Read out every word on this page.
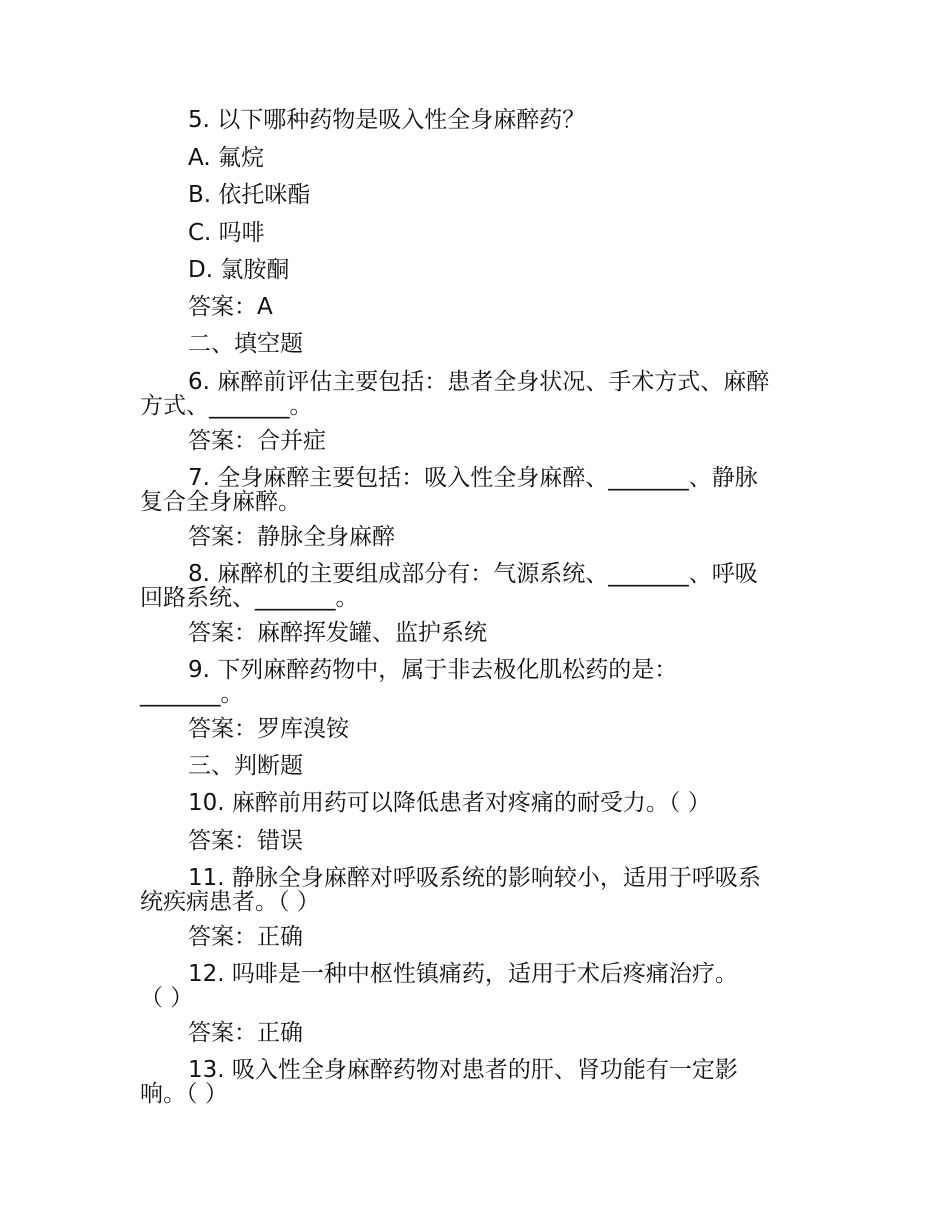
5. 以下哪种药物是吸入性全身麻醉药？
A. 氟烷
B. 依托咪酯
C. 吗啡
D. 氯胺酮
答案：A
二、填空题
6. 麻醉前评估主要包括：患者全身状况、手术方式、麻醉
方式、_______。
答案：合并症
7. 全身麻醉主要包括：吸入性全身麻醉、_______、静脉
复合全身麻醉。
答案：静脉全身麻醉
8. 麻醉机的主要组成部分有：气源系统、_______、呼吸
回路系统、_______。
答案：麻醉挥发罐、监护系统
9. 下列麻醉药物中，属于非去极化肌松药的是：
_______。
答案：罗库溴铵
三、判断题
10. 麻醉前用药可以降低患者对疼痛的耐受力。（ ）
答案：错误
11. 静脉全身麻醉对呼吸系统的影响较小，适用于呼吸系
统疾病患者。（ ）
答案：正确
12. 吗啡是一种中枢性镇痛药，适用于术后疼痛治疗。
（ ）
答案：正确
13. 吸入性全身麻醉药物对患者的肝、肾功能有一定影
响。（ ）
